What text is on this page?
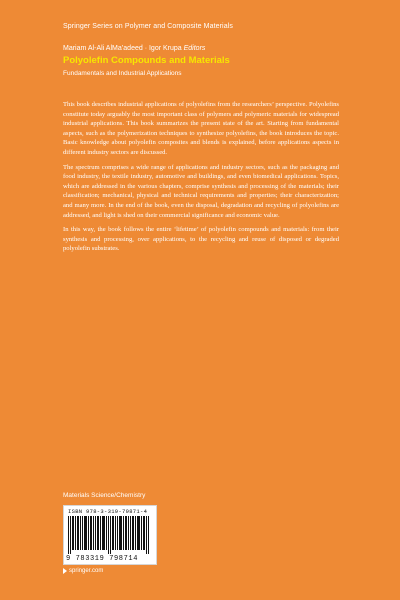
Springer Series on Polymer and Composite Materials
Mariam Al-Ali AlMa’adeed · Igor Krupa Editors
Polyolefin Compounds and Materials
Fundamentals and Industrial Applications

This book describes industrial applications of polyolefins from the researchers’ perspective. Polyolefins constitute today arguably the most important class of polymers and polymeric materials for widespread industrial applications. This book summarizes the present state of the art. Starting from fundamental aspects, such as the polymerization techniques to synthesize polyolefins, the book introduces the topic. Basic knowledge about polyolefin composites and blends is explained, before applications aspects in different industry sectors are discussed.

The spectrum comprises a wide range of applications and industry sectors, such as the packaging and food industry, the textile industry, automotive and buildings, and even biomedical applications. Topics, which are addressed in the various chapters, comprise synthesis and processing of the materials; their classification; mechanical, physical and technical requirements and properties; their characterization; and many more. In the end of the book, even the disposal, degradation and recycling of polyolefins are addressed, and light is shed on their commercial significance and economic value.

In this way, the book follows the entire ‘lifetime’ of polyolefin compounds and materials: from their synthesis and processing, over applications, to the recycling and reuse of disposed or degraded polyolefin substrates.

Materials Science/Chemistry
ISBN 978-3-319-79871-4
9 783319 798714
springer.com
